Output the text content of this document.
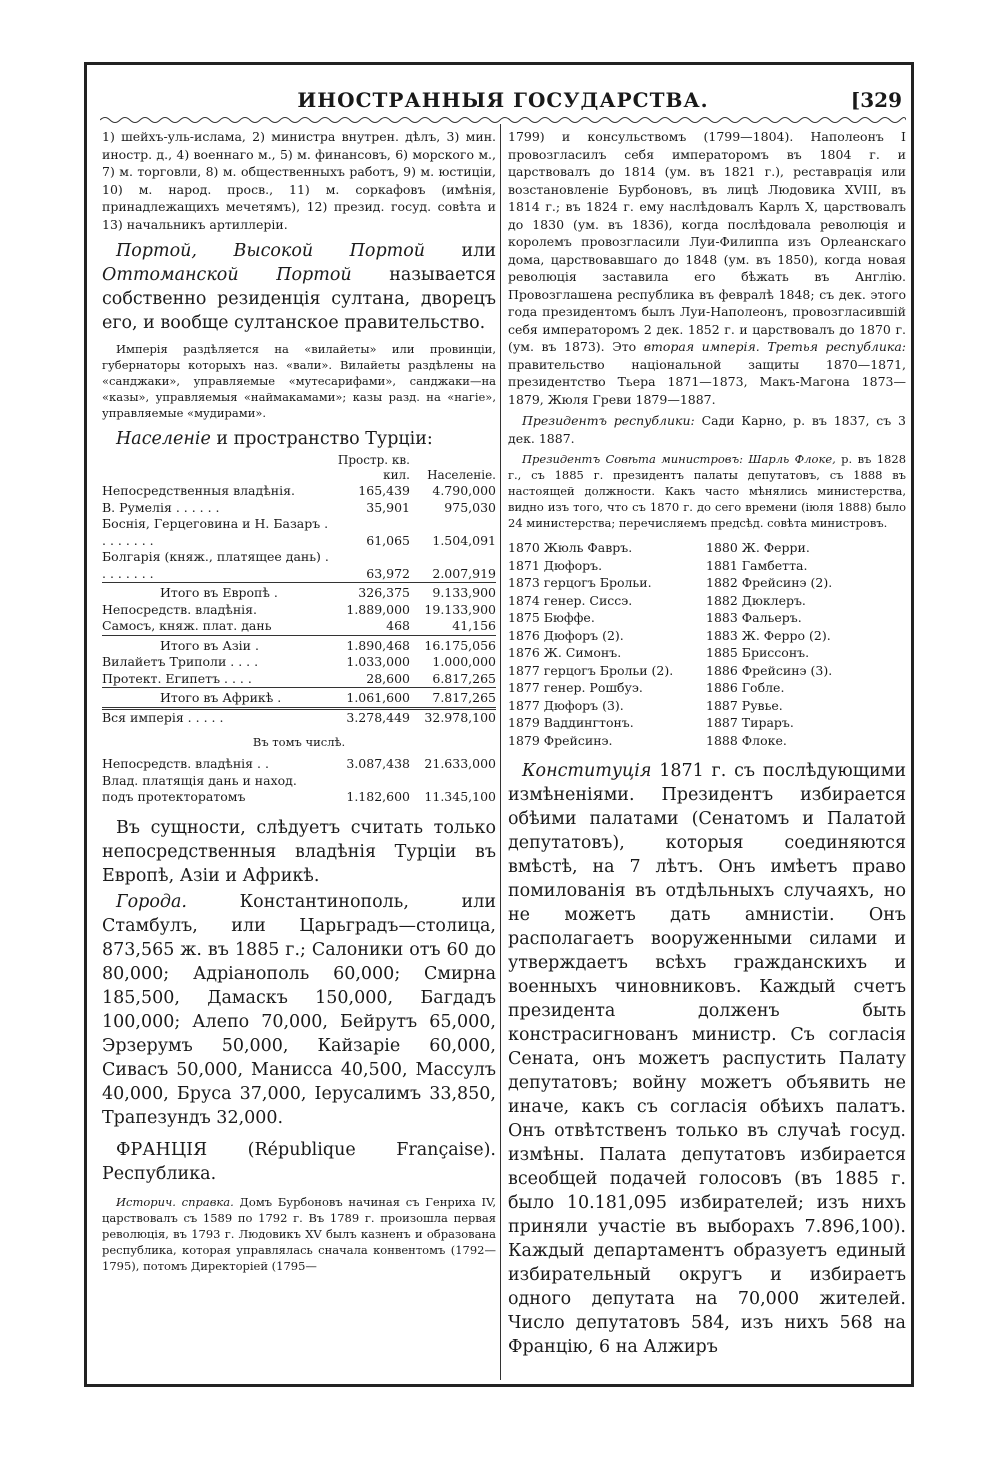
ИНОСТРАННЫЯ ГОСУДАРСТВА.	[329

1) шейхъ-уль-ислама, 2) министра внутрен. дѣлъ, 3) мин. иностр. д., 4) военнаго м., 5) м. финансовъ, 6) морского м., 7) м. торговли, 8) м. общественныхъ работъ, 9) м. юстиціи, 10) м. народ. просв., 11) м. соркафовъ (имѣнія, принадлежащихъ мечетямъ), 12) презид. госуд. совѣта и 13) начальникъ артиллеріи.

Портой, Высокой Портой или Оттоманской Портой называется собственно резиденція султана, дворецъ его, и вообще султанское правительство.

Имперія раздѣляется на «вилайеты» или провинціи, губернаторы которыхъ наз. «вали». Вилайеты раздѣлены на «санджаки», управляемые «мутесарифами», санджаки—на «казы», управляемыя «наймакамами»; казы разд. на «нагіе», управляемые «мудирами».

Населеніе и пространство Турціи:

	Простр. кв. кил.	Населеніе.
Непосредственныя владѣнія.	165,439	4.790,000
В. Румелія . . . . . .	35,901	975,030
Боснія, Герцеговина и Н. Базаръ . . . . . . . .	61,065	1.504,091
Болгарія (княж., платящее дань) . . . . . . . .	63,972	2.007,919
Итого въ Европѣ .	326,375	9.133,900
Непосредств. владѣнія.	1.889,000	19.133,900
Самосъ, княж. плат. дань	468	41,156
Итого въ Азіи .	1.890,468	16.175,056
Вилайетъ Триполи . . . .	1.033,000	1.000,000
Протект. Египетъ . . . .	28,600	6.817,265
Итого въ Африкѣ .	1.061,600	7.817,265
Вся имперія . . . . .	3.278,449	32.978,100
Въ томъ числѣ.
Непосредств. владѣнія . .	3.087,438	21.633,000
Влад. платящія дань и наход. подъ протекторатомъ	1.182,600	11.345,100

Въ сущности, слѣдуетъ считать только непосредственныя владѣнія Турціи въ Европѣ, Азіи и Африкѣ.

Города. Константинополь, или Стамбулъ, или Царьградъ—столица, 873,565 ж. въ 1885 г.; Салоники отъ 60 до 80,000; Адріанополь 60,000; Смирна 185,500, Дамаскъ 150,000, Багдадъ 100,000; Алепо 70,000, Бейрутъ 65,000, Эрзерумъ 50,000, Кайзаріе 60,000, Сивасъ 50,000, Манисса 40,500, Массулъ 40,000, Бруса 37,000, Іерусалимъ 33,850, Трапезундъ 32,000.

ФРАНЦІЯ (République Française). Республика.

Историч. справка. Домъ Бурбоновъ начиная съ Генриха IV, царствовалъ съ 1589 по 1792 г. Въ 1789 г. произошла первая революція, въ 1793 г. Людовикъ XV былъ казненъ и образована республика, которая управлялась сначала конвентомъ (1792—1795), потомъ Директоріей (1795—

1799) и консульствомъ (1799—1804). Наполеонъ I провозгласилъ себя императоромъ въ 1804 г. и царствовалъ до 1814 (ум. въ 1821 г.), реставрація или возстановленіе Бурбоновъ, въ лицѣ Людовика XVIII, въ 1814 г.; въ 1824 г. ему наслѣдовалъ Карлъ X, царствовалъ до 1830 (ум. въ 1836), когда послѣдовала революція и королемъ провозгласили Луи-Филиппа изъ Орлеанскаго дома, царствовавшаго до 1848 (ум. въ 1850), когда новая революція заставила его бѣжать въ Англію. Провозглашена республика въ февралѣ 1848; съ дек. этого года президентомъ былъ Луи-Наполеонъ, провозгласившій себя императоромъ 2 дек. 1852 г. и царствовалъ до 1870 г. (ум. въ 1873). Это вторая имперія. Третья республика: правительство національной защиты 1870—1871, президентство Тьера 1871—1873, Макъ-Магона 1873—1879, Жюля Греви 1879—1887.

Президентъ республики: Сади Карно, р. въ 1837, съ 3 дек. 1887.

Президентъ Совѣта министровъ: Шарль Флоке, р. въ 1828 г., съ 1885 г. президентъ палаты депутатовъ, съ 1888 въ настоящей должности. Какъ часто мѣнялись министерства, видно изъ того, что съ 1870 г. до сего времени (іюля 1888) было 24 министерства; перечисляемъ предсѣд. совѣта министровъ.

1870 Жюль Фавръ.	1880 Ж. Ферри.
1871 Дюфоръ.	1881 Гамбетта.
1873 герцогъ Брольи.	1882 Фрейсинэ (2).
1874 генер. Сиссэ.	1882 Дюклеръ.
1875 Бюффе.	1883 Фальеръ.
1876 Дюфоръ (2).	1883 Ж. Ферро (2).
1876 Ж. Симонъ.	1885 Бриссонъ.
1877 герцогъ Брольи (2).	1886 Фрейсинэ (3).
1877 генер. Рошбуэ.	1886 Гобле.
1877 Дюфоръ (3).	1887 Рувье.
1879 Ваддингтонъ.	1887 Тираръ.
1879 Фрейсинэ.	1888 Флоке.

Конституція 1871 г. съ послѣдующими измѣненіями. Президентъ избирается обѣими палатами (Сенатомъ и Палатой депутатовъ), которыя соединяются вмѣстѣ, на 7 лѣтъ. Онъ имѣетъ право помилованія въ отдѣльныхъ случаяхъ, но не можетъ дать амнистіи. Онъ располагаетъ вооруженными силами и утверждаетъ всѣхъ гражданскихъ и военныхъ чиновниковъ. Каждый счетъ президента долженъ быть констрасигнованъ министр. Съ согласія Сената, онъ можетъ распустить Палату депутатовъ; войну можетъ объявить не иначе, какъ съ согласія обѣихъ палатъ. Онъ отвѣтственъ только въ случаѣ госуд. измѣны. Палата депутатовъ избирается всеобщей подачей голосовъ (въ 1885 г. было 10.181,095 избирателей; изъ нихъ приняли участіе въ выборахъ 7.896,100). Каждый департаментъ образуетъ единый избирательный округъ и избираетъ одного депутата на 70,000 жителей. Число депутатовъ 584, изъ нихъ 568 на Францію, 6 на Алжиръ
